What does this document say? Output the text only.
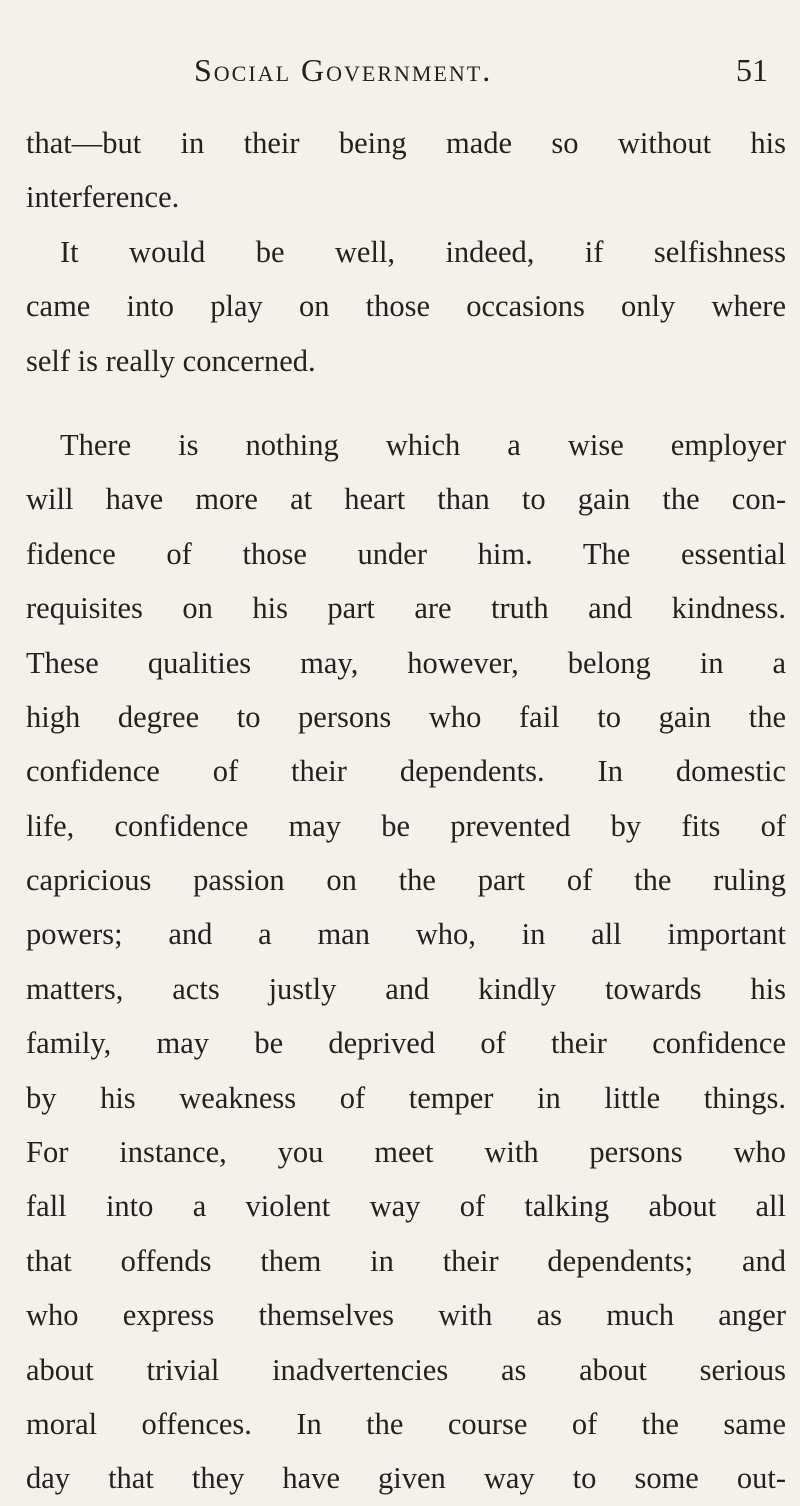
Social Government.	51
that—but in their being made so without his
interference.
It would be well, indeed, if selfishness
came into play on those occasions only where
self is really concerned.
There is nothing which a wise employer
will have more at heart than to gain the con-
fidence of those under him. The essential
requisites on his part are truth and kindness.
These qualities may, however, belong in a
high degree to persons who fail to gain the
confidence of their dependents. In domestic
life, confidence may be prevented by fits of
capricious passion on the part of the ruling
powers; and a man who, in all important
matters, acts justly and kindly towards his
family, may be deprived of their confidence
by his weakness of temper in little things.
For instance, you meet with persons who
fall into a violent way of talking about all
that offends them in their dependents; and
who express themselves with as much anger
about trivial inadvertencies as about serious
moral offences. In the course of the same
day that they have given way to some out-
